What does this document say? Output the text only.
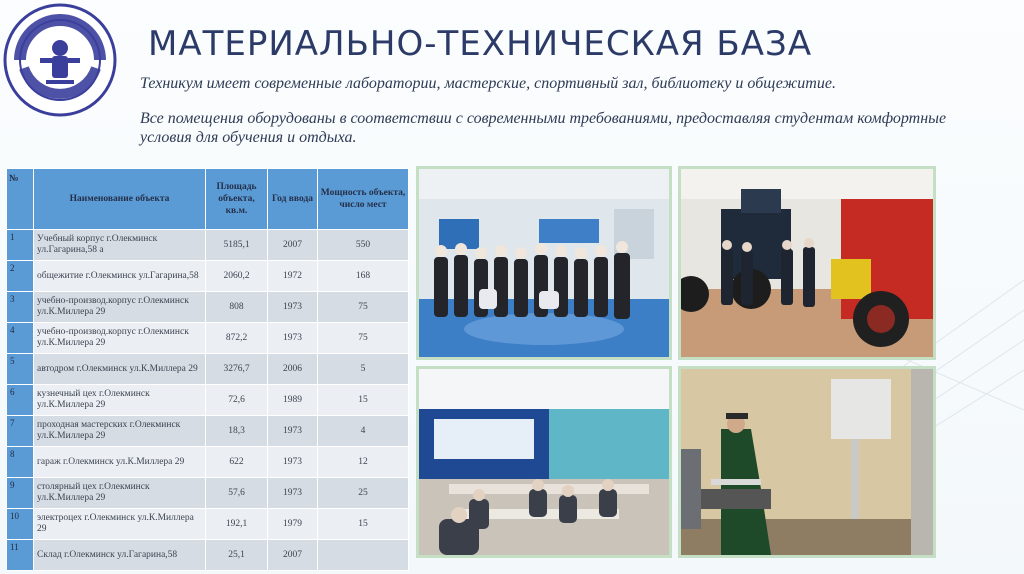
МАТЕРИАЛЬНО-ТЕХНИЧЕСКАЯ БАЗА

Техникум имеет современные лаборатории, мастерские, спортивный зал, библиотеку и общежитие.

Все помещения оборудованы в соответствии с современными требованиями, предоставляя студентам комфортные условия для обучения и отдыха.

№	Наименование объекта	Площадь объекта, кв.м.	Год ввода	Мощность объекта, число мест
1	Учебный корпус г.Олекминск ул.Гагарина,58 а	5185,1	2007	550
2	общежитие г.Олекминск ул.Гагарина,58	2060,2	1972	168
3	учебно-производ.корпус г.Олекминск ул.К.Миллера 29	808	1973	75
4	учебно-производ.корпус г.Олекминск ул.К.Миллера 29	872,2	1973	75
5	автодром г.Олекминск ул.К.Миллера 29	3276,7	2006	5
6	кузнечный цех г.Олекминск ул.К.Миллера 29	72,6	1989	15
7	проходная мастерских г.Олекминск ул.К.Миллера 29	18,3	1973	4
8	гараж г.Олекминск ул.К.Миллера 29	622	1973	12
9	столярный цех г.Олекминск ул.К.Миллера 29	57,6	1973	25
10	электроцех г.Олекминск ул.К.Миллера 29	192,1	1979	15
11	Склад г.Олекминск ул.Гагарина,58	25,1	2007	
